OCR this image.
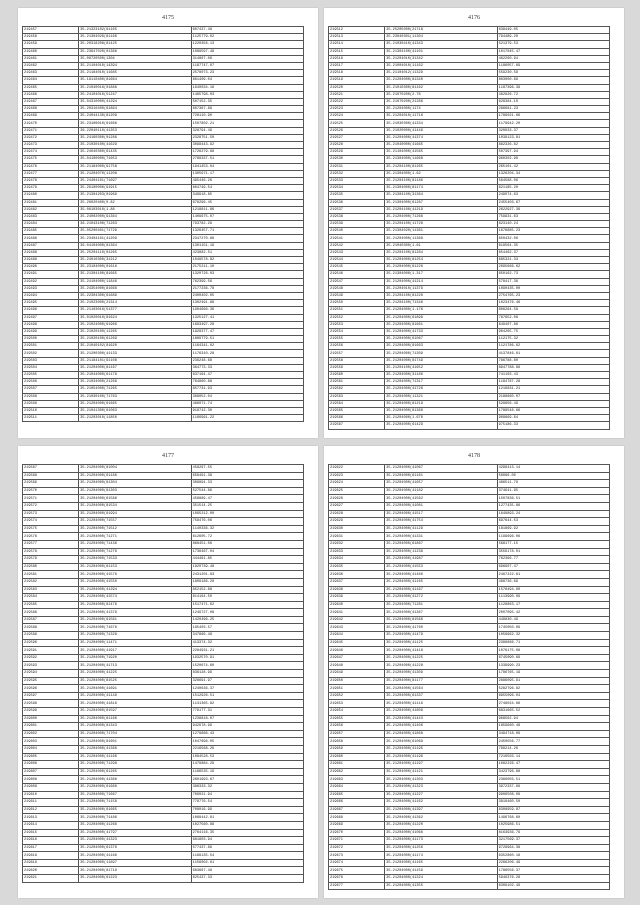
4175
219457	35.21323102(91165	607437.48
219458	35.21304026(81166	1125779.02
219459	35.20318208(81425	1220356.13
219460	35.23647020(01366	1089597.48
219461	35.06720500(1304	314867.06
219462	35.21104010(14394	1187747.07
219463	35.21184010(11685	2578073.23
219464	35.19110400(81664	861409.04
219465	35.21040016(01886	1940034.18
219466	35.24104010(51247	1465798.03
219467	35.04310000(41294	507152.35
219468	35.20310400(61864	607367.88
219469	35.24044130(81209	728110.90
219470	35.23106010(61666	1507802.21
219471	36.22040110(41353	328794.49
219472	35.24160300(01286	2328751.50
219473	35.21030100(41629	3098443.92
219474	35.24040300(61435	1726279.68
219475	35.04100000(71653	2788337.51
219476	35.21184000(91758	1941453.04
219477	35.21204070(11208	1305971.17
219478	35.24404101(71697	495446.26
219479	35.29100006(91915	864749.54
219480	35.21304203(01969	349918.85
219481	35.26020400(0.82	678296.45
219482	35.06103010(1.88	1218811.86
219483	35.24002000(91364	1409675.07
219484	36.21043100(71263	793782.29
219485	35.05200401(71729	1326457.71
219486	35.23404101(41209	2347270.88
219487	36.04104000(81364	1301151.19
219488	35.25204110(01265	423882.51
219489	35.24010300(31212	1049578.82
219490	35.23104000(01616	2175211.10
219491	35.21304100(81665	1320726.03
219492	35.24104000(11846	762399.56
219493	35.24354000(81666	2177236.78
219494	35.22304300(61689	2400402.05
219495	35.21023000(21314	1302491.88
219496	35.21103016(51377	1904666.36
219497	35.01020010(81624	1325127.41
219498	35.21024000(61966	1693497.28
219499	35.21020100(11265	1828377.47
219500	35.21020100(61269	1809779.51
219501	35.21040102(81620	1164341.02
219502	35.21200300(41133	1176310.28
219503	35.21184101(91108	236248.68
219504	35.21204000(81167	364773.33
219505	35.21044000(61178	637164.47
219506	35.21034000(21268	764860.88
219507	35.21054000(71265	857731.93
219508	35.21030100(71763	368052.04
219509	35.21204000(61665	486071.74
219510	35.21041300(61063	918742.30
219511	35.21203010(11850	1166961.22
4176
219512	35.25205000(21718	638449.05
219513	35.23040301(11304	794489.20
219514	35.21030410(41343	521379.53
219515	35.21304100(41101	1017045.47
219516	35.21204010(31342	462260.94
219517	35.21004010(11162	1186057.69
219518	35.21104012(11329	559230.58
219519	35.21204000(81340	803000.69
219520	35.21010300(81162	1187396.39
219521	35.21070200(2.76	462826.72
219522	35.21070200(21286	628384.10
219523	35.21204000(1174	286681.23
219524	35.21204010(11716	1789021.66
219525	35.21030300(41334	1179942.20
219526	35.21020000(41449	320633.37
219527	35.21204000(41374	1039123.81
219528	35.21040000(41665	882326.82
219529	35.21104000(41565	507397.94
219530	35.21304000(11668	960302.90
219531	35.21204100(81265	265101.42
219532	35.21304000(1.62	1326204.34
219533	35.21204100(81186	564588.06
219534	35.21304000(81174	621185.20
219535	35.21304100(31364	249074.63
219536	35.21304000(61287	2455403.67
219537	35.21204100(41219	2622927.36
219538	35.21204000(71266	759931.63
219539	35.21204100(11728	823140.24
219540	35.21304020(11361	1676885.23
219541	35.21204000(11368	650432.06
219542	35.21040300(1.61	619564.35
219543	35.21204100(81284	654462.37
219544	35.21204000(81254	685321.33
219545	35.21204000(61226	2095666.62
219546	35.21304000(1.317	650162.73
219547	35.21204000(41214	578417.36
219548	35.21204010(11379	1090435.00
219549	35.21204100(81226	2754765.23
219550	35.21204100(71346	1023476.46
219551	35.21204000(1.176	806264.58
219552	35.21204000(61898	787652.08
219553	35.21204000(81661	649407.86
219554	35.21204000(41733	904265.75
219555	35.21204000(61067	112175.32
219556	35.21204000(81663	1121786.62
219557	35.21204000(71309	4137846.61
219558	35.21204000(81749	786788.80
219559	35.21204100(41652	8947788.86
219560	35.21204000(31186	741103.43
219561	35.21204000(71317	1184787.28
219562	35.21204000(41726	1216831.21
219563	35.21204000(11321	2188660.07
219564	35.21204000(81219	529856.49
219565	35.21204000(81366	1788548.66
219566	35.21204000(1.670	908869.64
219567	35.21204000(61429	975186.33
4177
219567	35.21204000(81004	458267.55
219568	35.21204000(61186	658461.38
219569	35.21204000(81304	309894.33
219570	35.21204000(81303	527544.86
219571	35.21204000(61586	458889.47
219572	35.21204000(81534	351514.25
219573	35.21204000(81994	1095212.00
219574	35.21204000(71557	758476.06
219575	35.21204000(71512	1140336.32
219576	35.21204000(71271	612605.72
219577	35.21204000(71436	868451.06
219578	35.21204000(71276	1736467.04
219579	35.21204000(71533	444461.85
219580	35.21204000(81153	1820739.48
219581	35.21204000(41576	2431201.83
219582	35.21204000(41550	1809186.28
219583	35.21204000(41294	852152.88
219584	35.21204000(41574	614164.50
219585	35.21204000(81476	1517471.62
219586	35.21204000(41379	1249727.08
219587	35.21204000(61561	1420496.25
219588	35.21204000(71678	195403.57
219589	35.21204000(71328	347866.48
219590	35.21204000(11471	413374.32
219591	35.21204000(41917	2284931.21
219592	35.21204000(71920	1932570.91
219593	35.21204000(41713	1520674.60
219594	35.21204000(41225	836128.99
219595	35.21204000(81525	326691.97
219596	35.21204000(41691	1240636.37
219597	35.21204000(41149	1512926.51
219598	35.21204000(41816	1131365.82
219599	35.21204000(81597	779177.31
219600	35.21204000(81166	1238818.07
219601	35.21204000(81343	942978.99
219602	35.21204000(71704	1279866.43
219603	35.21204000(81601	1047696.05
219604	35.21204000(41366	2216568.26
219605	35.21204000(41166	1084528.53
219606	35.21204000(71298	1479884.29
219607	35.21204000(61265	1186535.19
219608	35.21204000(41366	2601993.67
219609	35.21204000(61668	386333.32
219610	35.21204000(71667	709021.94
219611	35.21204000(71158	778776.54
219612	35.21204000(61665	708016.99
219613	35.21204000(71486	1068442.61
219614	35.21204000(41266	1027560.88
219615	35.21204000(41797	2764116.35
219616	35.21204000(41323	681803.94
219617	35.21204000(61376	577437.89
219618	35.21204000(41166	1199135.54
219619	35.21204000(11697	1156002.61
219620	35.21204000(81719	683667.49
219621	35.21204000(61223	625437.33
4178
219622	35.21204000(41067	4296413.14
219623	35.21204000(61161	56086.00
219624	35.21204000(41657	486511.79
219625	35.21204000(41182	374641.95
219626	35.21204000(41562	1507836.51
219627	35.21204000(41081	1277435.86
219628	35.21204000(41517	1648893.24
219629	35.21204000(41754	697644.53
219630	35.21204000(41129	181869.92
219631	35.21204000(41331	1199696.06
219632	35.21204000(61867	568177.15
219633	35.21204000(11238	3556178.01
219634	35.21204000(41987	762366.77
219635	35.21204000(41553	696907.47
219636	35.21204000(41466	2487222.81
219637	35.21204000(41165	488736.69
219638	35.21204000(41167	1578494.90
219639	35.21204000(41272	1113990.09
219640	35.21204000(71281	1128863.17
219641	35.21204000(41367	2007095.42
219642	35.21204000(81566	449830.49
219643	35.21204000(41760	1745050.09
219644	35.21204000(41479	1058962.32
219645	35.21204000(41125	2388866.71
219646	35.21204000(41418	1076175.08
219647	35.21204000(41225	6745090.69
219648	35.21204000(41228	1339990.23
219649	35.21204000(41309	1786765.19
219650	35.21204000(81177	2886095.91
219651	35.21204000(41564	5282796.82
219652	35.21204000(61337	6955096.04
219653	35.21204000(41116	2748024.66
219654	35.21204000(41609	6831665.52
219655	35.21204000(41443	968562.94
219656	35.21204000(41406	1859660.48
219657	35.21204000(41868	3494718.09
219658	35.21204000(61069	2450556.77
219659	35.21204000(41195	799214.26
219660	35.21204000(41196	7216503.14
219661	35.21204000(41197	1082226.47
219662	35.21204000(41121	3423796.88
219663	35.21204000(41303	2366003.51
219664	35.21204000(41323	3972337.69
219665	35.21204000(41227	9906508.09
219666	35.21204000(41162	3818460.50
219667	35.21204000(41397	8308959.87
219668	35.21204000(41362	1496768.60
219669	35.21204000(41220	1025986.51
219670	35.21204000(41066	8163936.79
219671	35.21204000(41173	3217569.37
219672	35.21204000(41256	9729964.38
219673	35.21204000(41174	6352860.18
219674	35.21204000(41165	2266206.49
219675	35.21204000(41159	1788556.37
219676	35.21204000(41324	5946376.28
219677	35.21204000(41355	6309102.49
